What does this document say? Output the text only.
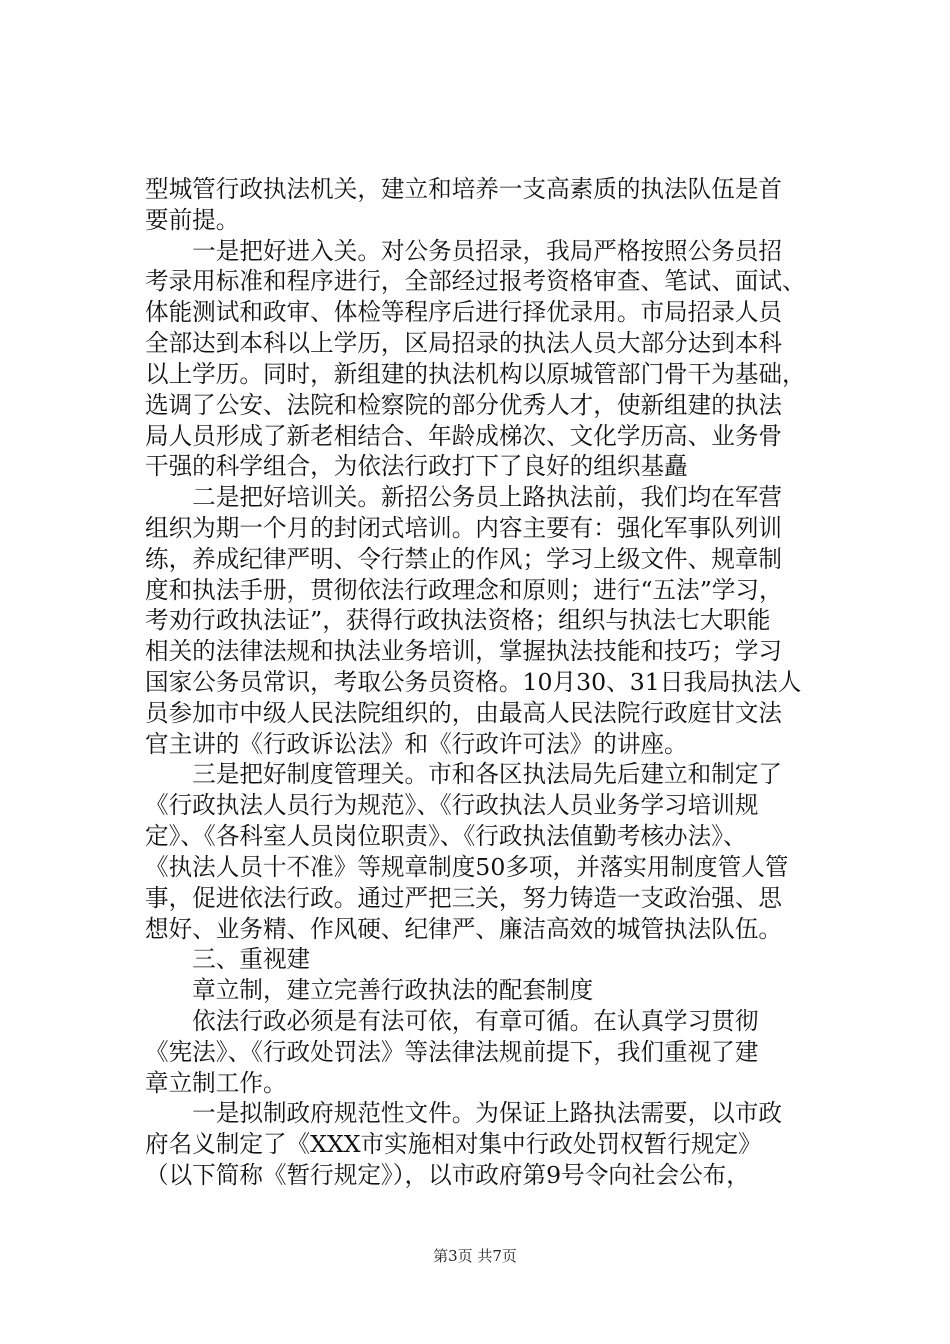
型城管行政执法机关，建立和培养一支高素质的执法队伍是首
要前提。
　　一是把好进入关。对公务员招录，我局严格按照公务员招
考录用标准和程序进行，全部经过报考资格审查、笔试、面试、
体能测试和政审、体检等程序后进行择优录用。市局招录人员
全部达到本科以上学历，区局招录的执法人员大部分达到本科
以上学历。同时，新组建的执法机构以原城管部门骨干为基础，
选调了公安、法院和检察院的部分优秀人才，使新组建的执法
局人员形成了新老相结合、年龄成梯次、文化学历高、业务骨
干强的科学组合，为依法行政打下了良好的组织基矗
　　二是把好培训关。新招公务员上路执法前，我们均在军营
组织为期一个月的封闭式培训。内容主要有：强化军事队列训
练，养成纪律严明、令行禁止的作风；学习上级文件、规章制
度和执法手册，贯彻依法行政理念和原则；进行“五法”学习，
考劝行政执法证”，获得行政执法资格；组织与执法七大职能
相关的法律法规和执法业务培训，掌握执法技能和技巧；学习
国家公务员常识，考取公务员资格。10月30、31日我局执法人
员参加市中级人民法院组织的，由最高人民法院行政庭甘文法
官主讲的《行政诉讼法》和《行政许可法》的讲座。
　　三是把好制度管理关。市和各区执法局先后建立和制定了
《行政执法人员行为规范》、《行政执法人员业务学习培训规
定》、《各科室人员岗位职责》、《行政执法值勤考核办法》、
《执法人员十不准》等规章制度50多项，并落实用制度管人管
事，促进依法行政。通过严把三关，努力铸造一支政治强、思
想好、业务精、作风硬、纪律严、廉洁高效的城管执法队伍。
　　三、重视建
　　章立制，建立完善行政执法的配套制度
　　依法行政必须是有法可依，有章可循。在认真学习贯彻
《宪法》、《行政处罚法》等法律法规前提下，我们重视了建
章立制工作。
　　一是拟制政府规范性文件。为保证上路执法需要，以市政
府名义制定了《XXX市实施相对集中行政处罚权暂行规定》
（以下简称《暂行规定》），以市政府第9号令向社会公布，
第3页 共7页
